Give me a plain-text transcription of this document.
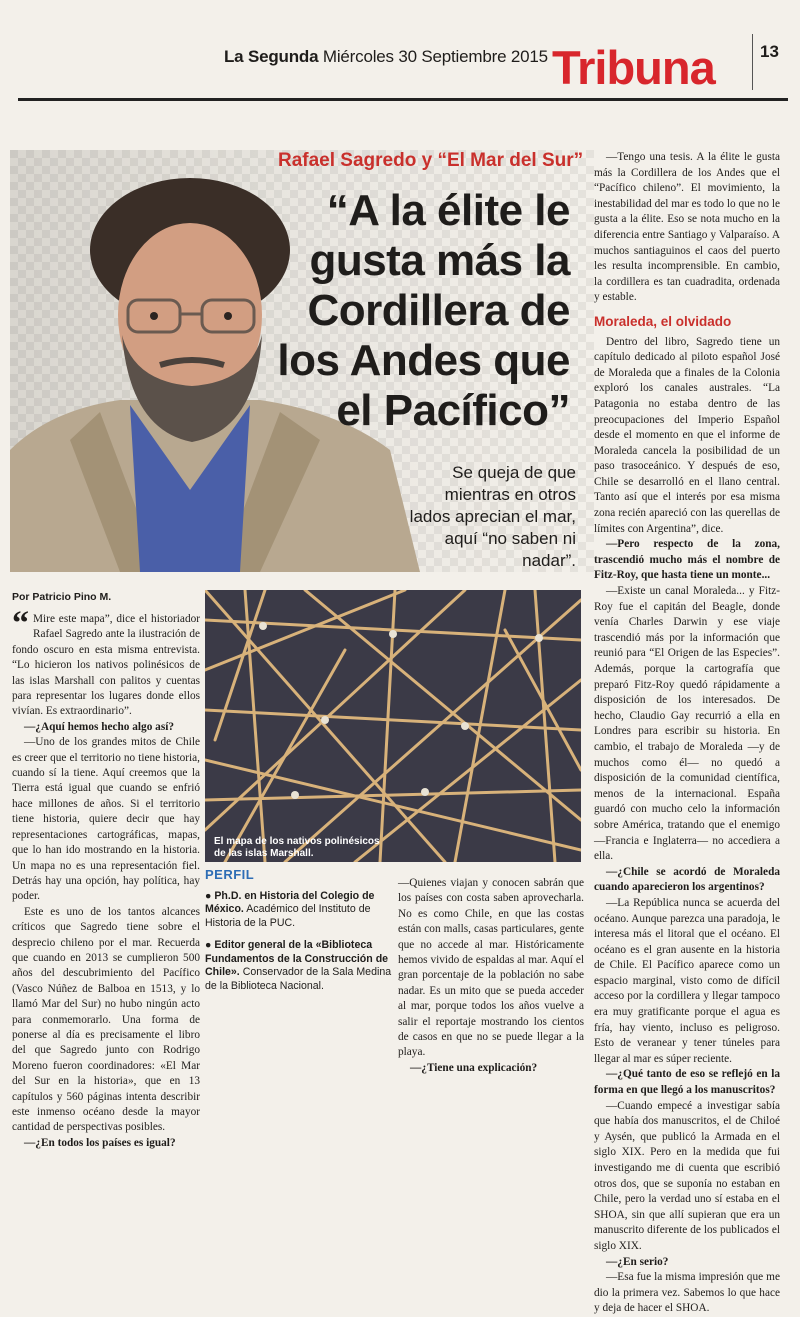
La Segunda Miércoles 30 Septiembre 2015 Tribuna	13
Rafael Sagredo y “El Mar del Sur”
“A la élite le gusta más la Cordillera de los Andes que el Pacífico”
Se queja de que mientras en otros lados aprecian el mar, aquí “no saben ni nadar”.

—Tengo una tesis. A la élite le gusta más la Cordillera de los Andes que el “Pacífico chileno”. El movimiento, la inestabilidad del mar es todo lo que no le gusta a la élite. Eso se nota mucho en la diferencia entre Santiago y Valparaíso. A muchos santiaguinos el caos del puerto les resulta incomprensible. En cambio, la cordillera es tan cuadradita, ordenada y estable.

Moraleda, el olvidado

Dentro del libro, Sagredo tiene un capítulo dedicado al piloto español José de Moraleda que a finales de la Colonia exploró los canales australes. “La Patagonia no estaba dentro de las preocupaciones del Imperio Español desde el momento en que el informe de Moraleda cancela la posibilidad de un paso trasoceánico. Y después de eso, Chile se desarrolló en el llano central. Tanto así que el interés por esa misma zona recién apareció con las querellas de límites con Argentina”, dice.

—Pero respecto de la zona, trascendió mucho más el nombre de Fitz-Roy, que hasta tiene un monte...

—Existe un canal Moraleda... y Fitz-Roy fue el capitán del Beagle, donde venía Charles Darwin y ese viaje trascendió más por la información que reunió para “El Origen de las Especies”. Además, porque la cartografía que preparó Fitz-Roy quedó rápidamente a disposición de los interesados. De hecho, Claudio Gay recurrió a ella en Londres para escribir su historia. En cambio, el trabajo de Moraleda —y de muchos como él— no quedó a disposición de la comunidad científica, menos de la internacional. España guardó con mucho celo la información sobre América, tratando que el enemigo —Francia e Inglaterra— no accediera a ella.

—¿Chile se acordó de Moraleda cuando aparecieron los argentinos?

—La República nunca se acuerda del océano. Aunque parezca una paradoja, le interesa más el litoral que el océano. El océano es el gran ausente en la historia de Chile. El Pacífico aparece como un espacio marginal, visto como de difícil acceso por la cordillera y llegar tampoco era muy gratificante porque el agua es fría, hay viento, incluso es peligroso. Esto de veranear y tener túneles para llegar al mar es súper reciente.

—¿Qué tanto de eso se reflejó en la forma en que llegó a los manuscritos?

—Cuando empecé a investigar sabía que había dos manuscritos, el de Chiloé y Aysén, que publicó la Armada en el siglo XIX. Pero en la medida que fui investigando me di cuenta que escribió otros dos, que se suponía no estaban en Chile, pero la verdad uno sí estaba en el SHOA, sin que allí supieran que era un manuscrito diferente de los publicados el siglo XIX.

—¿En serio?

—Esa fue la misma impresión que me dio la primera vez. Sabemos lo que hace y deja de hacer el SHOA.

Por Patricio Pino M.

“ Mire este mapa”, dice el historiador Rafael Sagredo ante la ilustración de fondo oscuro en esta misma entrevista. “Lo hicieron los nativos polinésicos de las islas Marshall con palitos y cuentas para representar los lugares donde ellos vivían. Es extraordinario”.

—¿Aquí hemos hecho algo así?

—Uno de los grandes mitos de Chile es creer que el territorio no tiene historia, cuando sí la tiene. Aquí creemos que la Tierra está igual que cuando se enfrió hace millones de años. Si el territorio tiene historia, quiere decir que hay representaciones cartográficas, mapas, que lo han ido mostrando en la historia. Un mapa no es una representación fiel. Detrás hay una opción, hay política, hay poder.

Este es uno de los tantos alcances críticos que Sagredo tiene sobre el desprecio chileno por el mar. Recuerda que cuando en 2013 se cumplieron 500 años del descubrimiento del Pacífico (Vasco Núñez de Balboa en 1513, y lo llamó Mar del Sur) no hubo ningún acto para conmemorarlo. Una forma de ponerse al día es precisamente el libro del que Sagredo junto con Rodrigo Moreno fueron coordinadores: «El Mar del Sur en la historia», que en 13 capítulos y 560 páginas intenta describir este inmenso océano desde la mayor cantidad de perspectivas posibles.

—¿En todos los países es igual?

El mapa de los nativos polinésicos de las islas Marshall.
PERFIL
● Ph.D. en Historia del Colegio de México. Académico del Instituto de Historia de la PUC.
● Editor general de la «Biblioteca Fundamentos de la Construcción de Chile». Conservador de la Sala Medina de la Biblioteca Nacional.

—Quienes viajan y conocen sabrán que los países con costa saben aprovecharla. No es como Chile, en que las costas están con malls, casas particulares, gente que no accede al mar. Históricamente hemos vivido de espaldas al mar. Aquí el gran porcentaje de la población no sabe nadar. Es un mito que se pueda acceder al mar, porque todos los años vuelve a salir el reportaje mostrando los cientos de casos en que no se puede llegar a la playa.

—¿Tiene una explicación?
